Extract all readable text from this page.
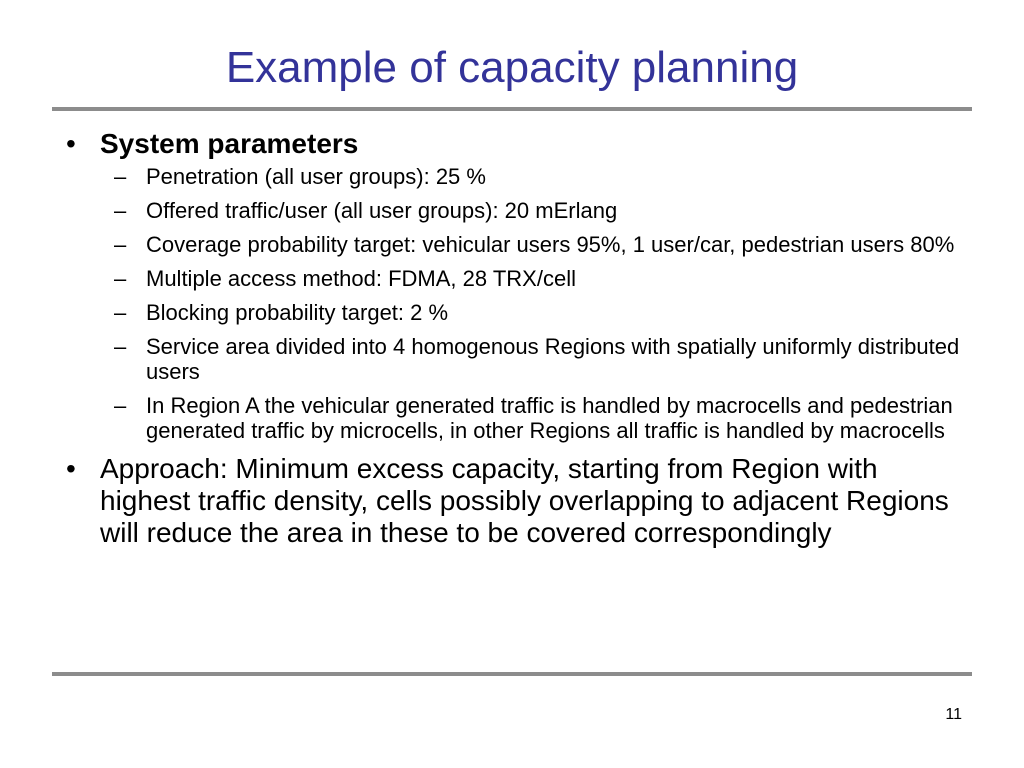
Example of capacity planning
• System parameters
– Penetration (all user groups): 25 %
– Offered traffic/user (all user groups): 20 mErlang
– Coverage probability target: vehicular users 95%, 1 user/car, pedestrian users 80%
– Multiple access method: FDMA, 28 TRX/cell
– Blocking probability target: 2 %
– Service area divided into 4 homogenous Regions with spatially uniformly distributed users
– In Region A the vehicular generated traffic is handled by macrocells and pedestrian generated traffic by microcells, in other Regions all traffic is handled by macrocells
• Approach: Minimum excess capacity, starting from Region with highest traffic density, cells possibly overlapping to adjacent Regions will reduce the area in these to be covered correspondingly
11
